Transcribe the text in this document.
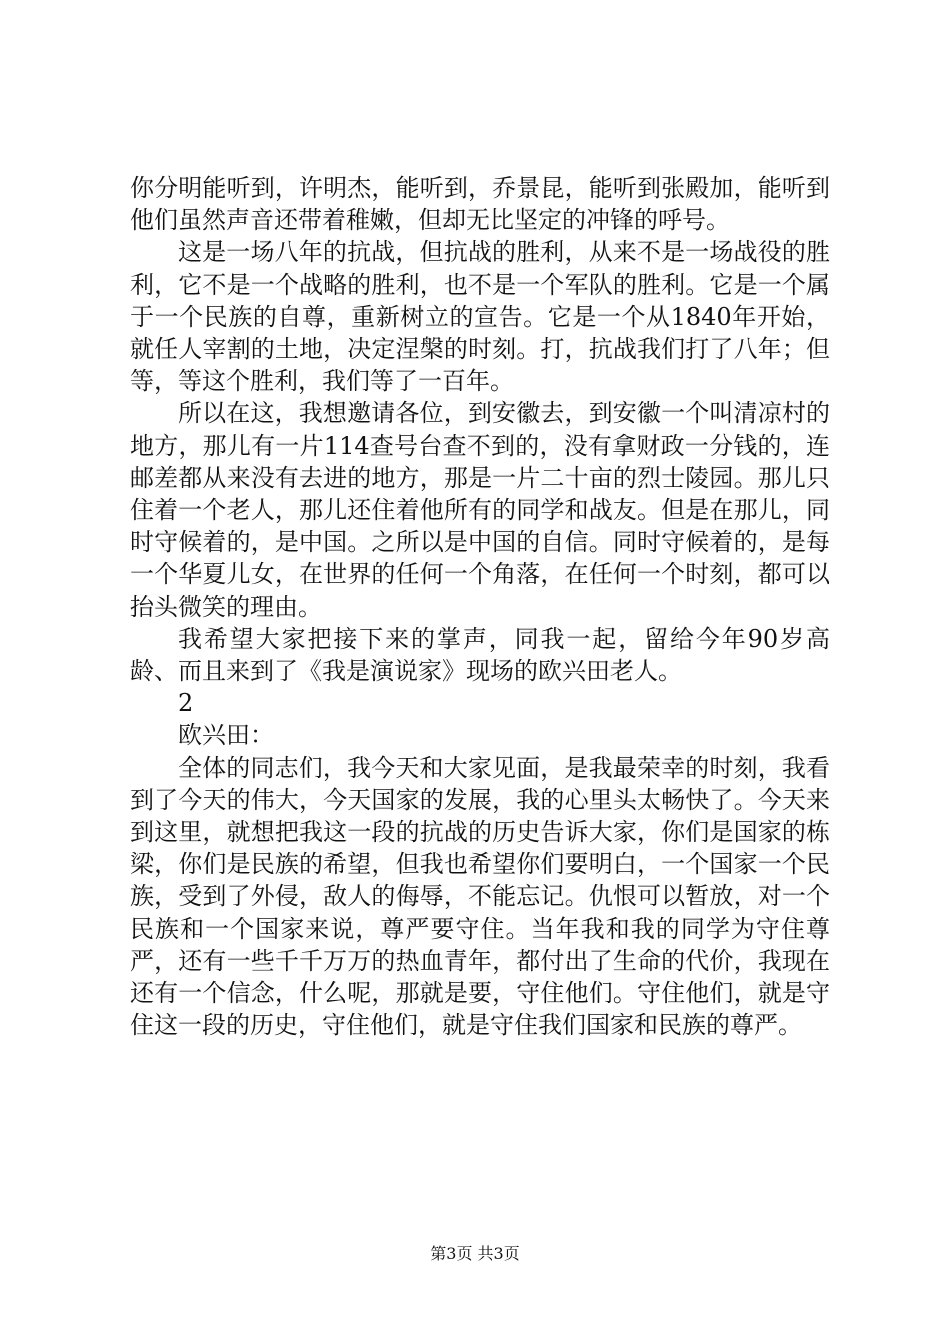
你分明能听到，许明杰，能听到，乔景昆，能听到张殿加，能听到他们虽然声音还带着稚嫩，但却无比坚定的冲锋的呼号。

这是一场八年的抗战，但抗战的胜利，从来不是一场战役的胜利，它不是一个战略的胜利，也不是一个军队的胜利。它是一个属于一个民族的自尊，重新树立的宣告。它是一个从1840年开始，就任人宰割的土地，决定涅槃的时刻。打，抗战我们打了八年；但等，等这个胜利，我们等了一百年。

所以在这，我想邀请各位，到安徽去，到安徽一个叫清凉村的地方，那儿有一片114查号台查不到的，没有拿财政一分钱的，连邮差都从来没有去进的地方，那是一片二十亩的烈士陵园。那儿只住着一个老人，那儿还住着他所有的同学和战友。但是在那儿，同时守候着的，是中国。之所以是中国的自信。同时守候着的，是每一个华夏儿女，在世界的任何一个角落，在任何一个时刻，都可以抬头微笑的理由。

我希望大家把接下来的掌声，同我一起，留给今年90岁高龄、而且来到了《我是演说家》现场的欧兴田老人。

2

欧兴田：

全体的同志们，我今天和大家见面，是我最荣幸的时刻，我看到了今天的伟大，今天国家的发展，我的心里头太畅快了。今天来到这里，就想把我这一段的抗战的历史告诉大家，你们是国家的栋梁，你们是民族的希望，但我也希望你们要明白，一个国家一个民族，受到了外侵，敌人的侮辱，不能忘记。仇恨可以暂放，对一个民族和一个国家来说，尊严要守住。当年我和我的同学为守住尊严，还有一些千千万万的热血青年，都付出了生命的代价，我现在还有一个信念，什么呢，那就是要，守住他们。守住他们，就是守住这一段的历史，守住他们，就是守住我们国家和民族的尊严。

第3页 共3页
